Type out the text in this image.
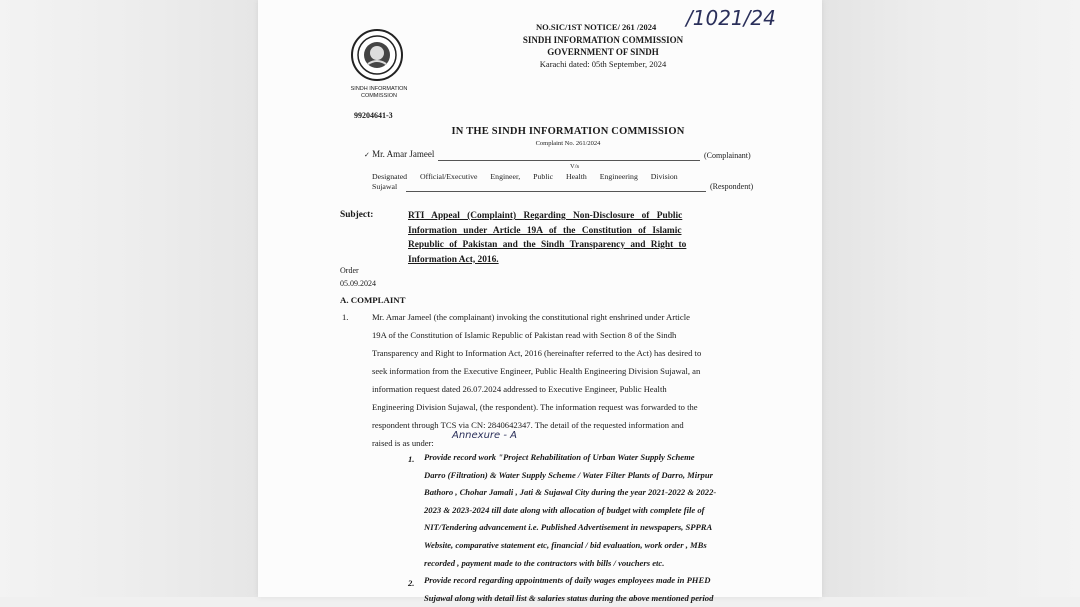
SINDH INFORMATION
COMMISSION
99204641-3
NO.SIC/1ST NOTICE/ 261 /2024 /1021/24
SINDH INFORMATION COMMISSION
GOVERNMENT OF SINDH
Karachi dated: 05th September, 2024
IN THE SINDH INFORMATION COMMISSION
Complaint No. 261/2024
✓ Mr. Amar Jameel	(Complainant)
V/s
Designated Official/Executive Engineer, Public Health Engineering Division
Sujawal	(Respondent)
Subject:	RTI Appeal (Complaint) Regarding Non-Disclosure of Public
Information under Article 19A of the Constitution of Islamic
Republic of Pakistan and the Sindh Transparency and Right to
Information Act, 2016.
Order
05.09.2024
A. COMPLAINT
1.	Mr. Amar Jameel (the complainant) invoking the constitutional right enshrined under Article
19A of the Constitution of Islamic Republic of Pakistan read with Section 8 of the Sindh
Transparency and Right to Information Act, 2016 (hereinafter referred to the Act) has desired to
seek information from the Executive Engineer, Public Health Engineering Division Sujawal, an
information request dated 26.07.2024 addressed to Executive Engineer, Public Health
Engineering Division Sujawal, (the respondent). The information request was forwarded to the
respondent through TCS via CN: 2840642347. The detail of the requested information and
raised is as under:
Annexure - A
1. Provide record work "Project Rehabilitation of Urban Water Supply Scheme
Darro (Filtration) & Water Supply Scheme / Water Filter Plants of Darro, Mirpur
Bathoro , Chohar Jamali , Jati & Sujawal City during the year 2021-2022 & 2022-
2023 & 2023-2024 till date along with allocation of budget with complete file of
NIT/Tendering advancement i.e. Published Advertisement in newspapers, SPPRA
Website, comparative statement etc, financial / bid evaluation, work order , MBs
recorded , payment made to the contractors with bills / vouchers etc.
2. Provide record regarding appointments of daily wages employees made in PHED
Sujawal along with detail list & salaries status during the above mentioned period
